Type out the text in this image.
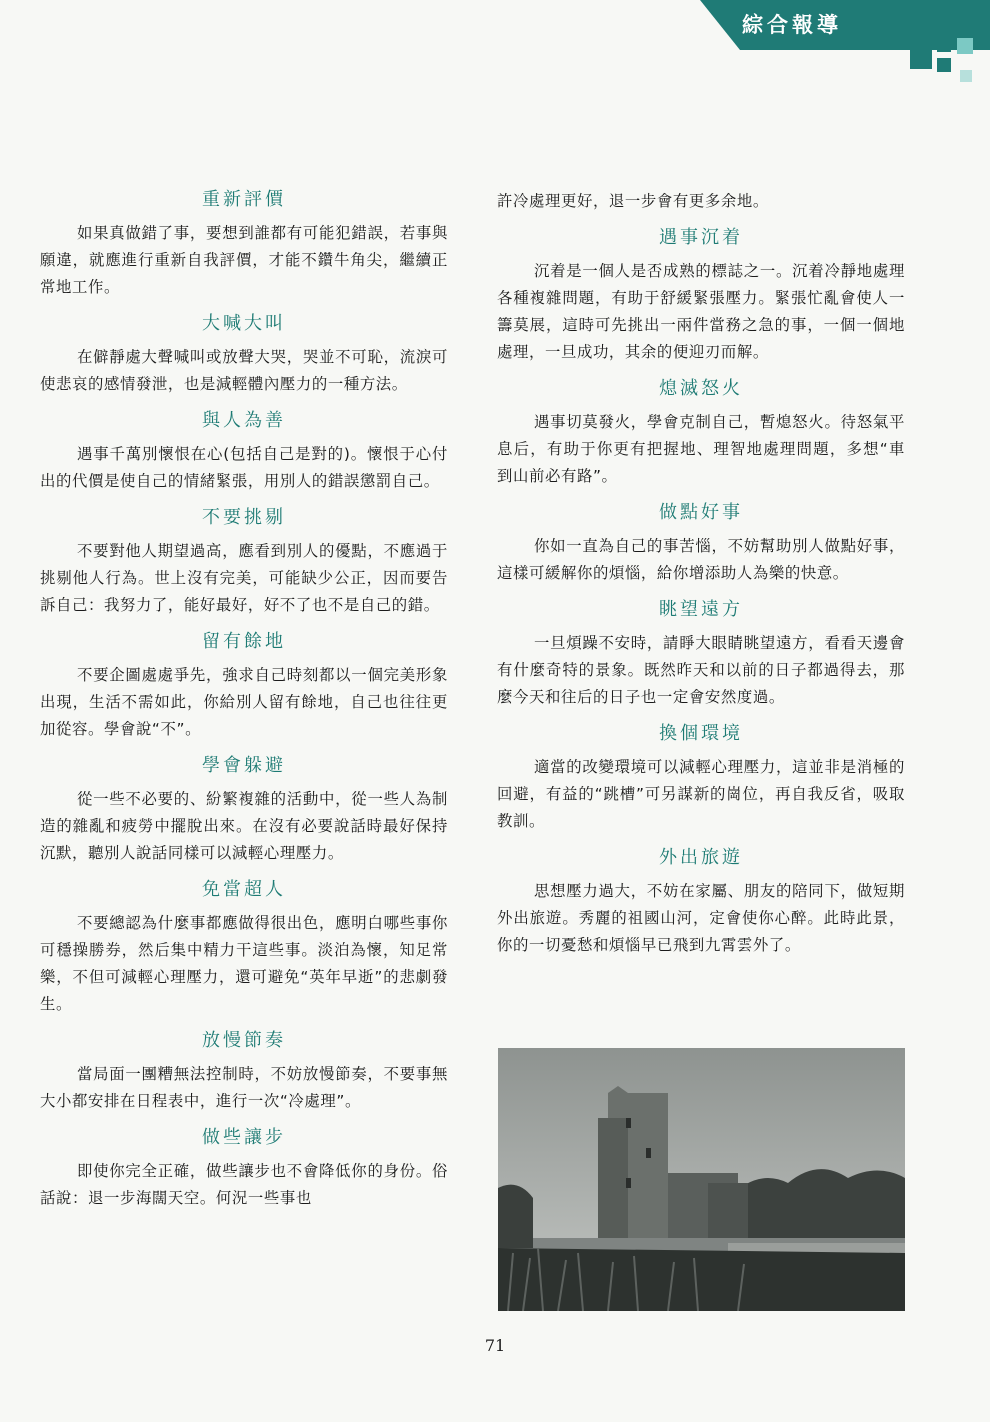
綜合報導
重新評價
如果真做錯了事，要想到誰都有可能犯錯誤，若事與願違，就應進行重新自我評價，才能不鑽牛角尖，繼續正常地工作。
大喊大叫
在僻靜處大聲喊叫或放聲大哭，哭並不可恥，流淚可使悲哀的感情發泄，也是減輕體內壓力的一種方法。
與人為善
遇事千萬別懷恨在心(包括自己是對的)。懷恨于心付出的代價是使自己的情緒緊張，用別人的錯誤懲罰自己。
不要挑剔
不要對他人期望過高，應看到別人的優點，不應過于挑剔他人行為。世上沒有完美，可能缺少公正，因而要告訴自己：我努力了，能好最好，好不了也不是自己的錯。
留有餘地
不要企圖處處爭先，強求自己時刻都以一個完美形象出現，生活不需如此，你給別人留有餘地，自己也往往更加從容。學會說“不”。
學會躲避
從一些不必要的、紛繁複雜的活動中，從一些人為制造的雜亂和疲勞中擺脫出來。在沒有必要說話時最好保持沉默，聽別人說話同樣可以減輕心理壓力。
免當超人
不要總認為什麼事都應做得很出色，應明白哪些事你可穩操勝券，然后集中精力干這些事。淡泊為懷，知足常樂，不但可減輕心理壓力，還可避免“英年早逝”的悲劇發生。
放慢節奏
當局面一團糟無法控制時，不妨放慢節奏，不要事無大小都安排在日程表中，進行一次“冷處理”。
做些讓步
即使你完全正確，做些讓步也不會降低你的身份。俗話說：退一步海闊天空。何況一些事也
許冷處理更好，退一步會有更多余地。
遇事沉着
沉着是一個人是否成熟的標誌之一。沉着冷靜地處理各種複雜問題，有助于舒緩緊張壓力。緊張忙亂會使人一籌莫展，這時可先挑出一兩件當務之急的事，一個一個地處理，一旦成功，其余的便迎刃而解。
熄滅怒火
遇事切莫發火，學會克制自己，暫熄怒火。待怒氣平息后，有助于你更有把握地、理智地處理問題，多想“車到山前必有路”。
做點好事
你如一直為自己的事苦惱，不妨幫助別人做點好事，這樣可緩解你的煩惱，給你增添助人為樂的快意。
眺望遠方
一旦煩躁不安時，請睜大眼睛眺望遠方，看看天邊會有什麼奇特的景象。既然昨天和以前的日子都過得去，那麼今天和往后的日子也一定會安然度過。
換個環境
適當的改變環境可以減輕心理壓力，這並非是消極的回避，有益的“跳槽”可另謀新的崗位，再自我反省，吸取教訓。
外出旅遊
思想壓力過大，不妨在家屬、朋友的陪同下，做短期外出旅遊。秀麗的祖國山河，定會使你心醉。此時此景，你的一切憂愁和煩惱早已飛到九霄雲外了。
71
